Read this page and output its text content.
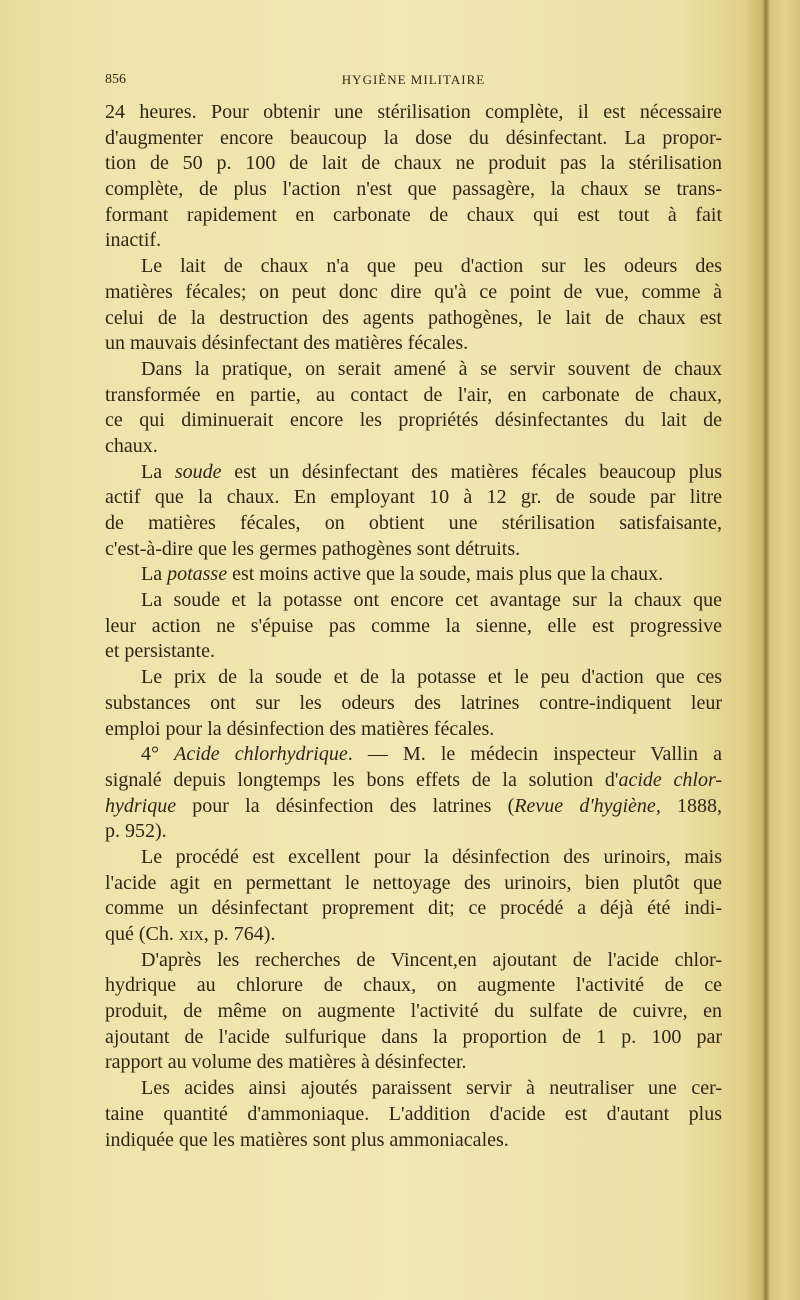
856	HYGIÈNE MILITAIRE
24 heures. Pour obtenir une stérilisation complète, il est nécessaire
d'augmenter encore beaucoup la dose du désinfectant. La propor-
tion de 50 p. 100 de lait de chaux ne produit pas la stérilisation
complète, de plus l'action n'est que passagère, la chaux se trans-
formant rapidement en carbonate de chaux qui est tout à fait
inactif.
Le lait de chaux n'a que peu d'action sur les odeurs des
matières fécales; on peut donc dire qu'à ce point de vue, comme à
celui de la destruction des agents pathogènes, le lait de chaux est
un mauvais désinfectant des matières fécales.
Dans la pratique, on serait amené à se servir souvent de chaux
transformée en partie, au contact de l'air, en carbonate de chaux,
ce qui diminuerait encore les propriétés désinfectantes du lait de
chaux.
La soude est un désinfectant des matières fécales beaucoup plus
actif que la chaux. En employant 10 à 12 gr. de soude par litre
de matières fécales, on obtient une stérilisation satisfaisante,
c'est-à-dire que les germes pathogènes sont détruits.
La potasse est moins active que la soude, mais plus que la chaux.
La soude et la potasse ont encore cet avantage sur la chaux que
leur action ne s'épuise pas comme la sienne, elle est progressive
et persistante.
Le prix de la soude et de la potasse et le peu d'action que ces
substances ont sur les odeurs des latrines contre-indiquent leur
emploi pour la désinfection des matières fécales.
4° Acide chlorhydrique. — M. le médecin inspecteur Vallin a
signalé depuis longtemps les bons effets de la solution d'acide chlor-
hydrique pour la désinfection des latrines (Revue d'hygiène, 1888,
p. 952).
Le procédé est excellent pour la désinfection des urinoirs, mais
l'acide agit en permettant le nettoyage des urinoirs, bien plutôt que
comme un désinfectant proprement dit; ce procédé a déjà été indi-
qué (Ch. xix, p. 764).
D'après les recherches de Vincent,en ajoutant de l'acide chlor-
hydrique au chlorure de chaux, on augmente l'activité de ce
produit, de même on augmente l'activité du sulfate de cuivre, en
ajoutant de l'acide sulfurique dans la proportion de 1 p. 100 par
rapport au volume des matières à désinfecter.
Les acides ainsi ajoutés paraissent servir à neutraliser une cer-
taine quantité d'ammoniaque. L'addition d'acide est d'autant plus
indiquée que les matières sont plus ammoniacales.
